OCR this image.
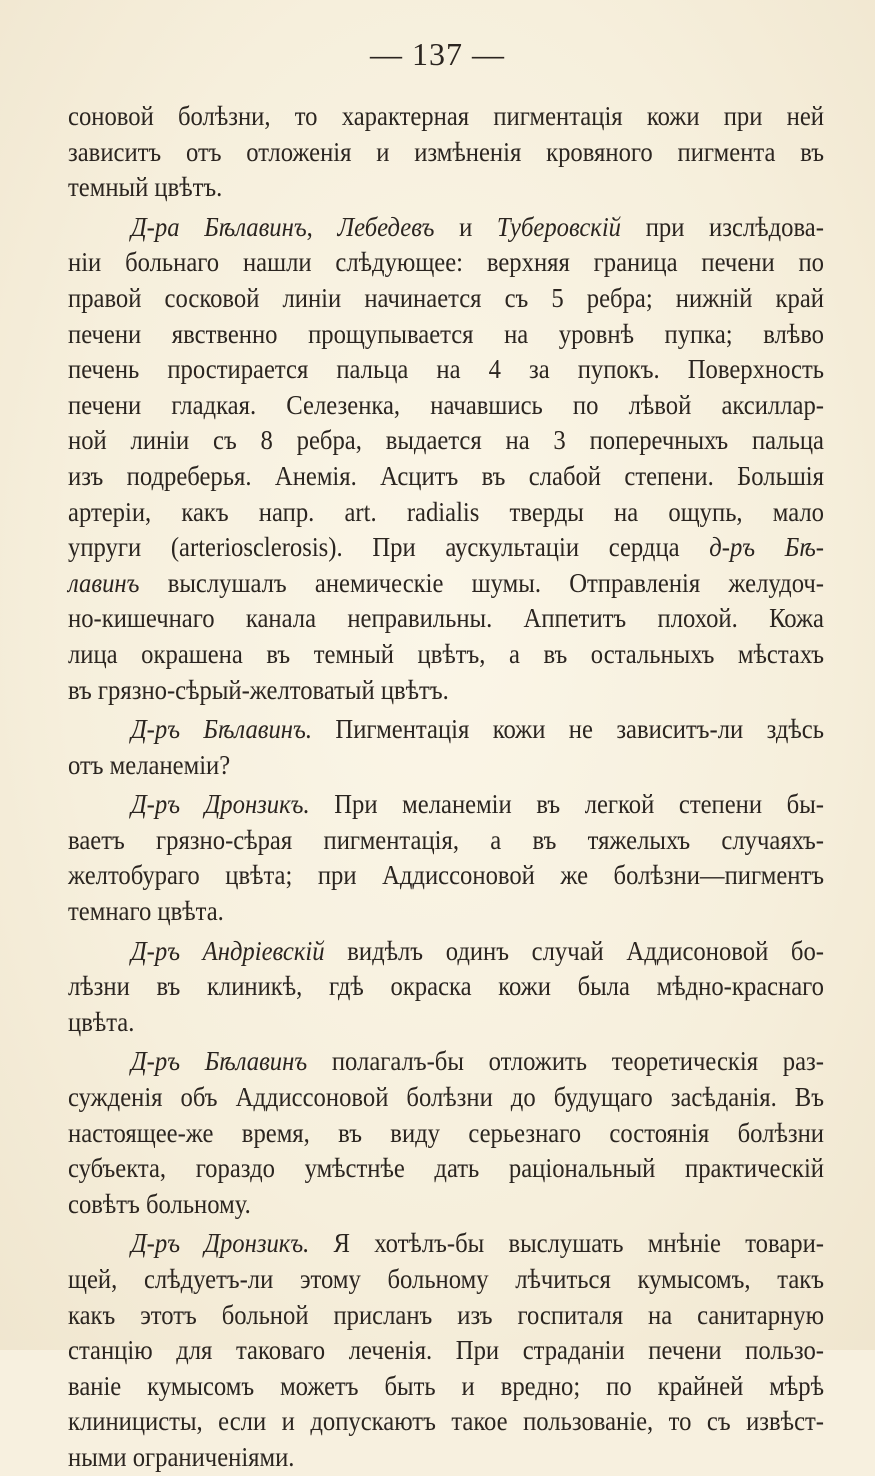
— 137 —
соновой болѣзни, то характерная пигментація кожи при ней
зависитъ отъ отложенія и измѣненія кровяного пигмента въ
темный цвѣтъ.
Д-ра Бѣлавинъ, Лебедевъ и Туберовскій при изслѣдова-
ніи больнаго нашли слѣдующее: верхняя граница печени по
правой сосковой линіи начинается съ 5 ребра; нижній край
печени явственно прощупывается на уровнѣ пупка; влѣво
печень простирается пальца на 4 за пупокъ. Поверхность
печени гладкая. Селезенка, начавшись по лѣвой аксиллар-
ной линіи съ 8 ребра, выдается на 3 поперечныхъ пальца
изъ подреберья. Анемія. Асцитъ въ слабой степени. Большія
артеріи, какъ напр. art. radialis тверды на ощупь, мало
упруги (arteriosclerosis). При аускультаціи сердца д-ръ Бѣ-
лавинъ выслушалъ анемическіе шумы. Отправленія желудоч-
но-кишечнаго канала неправильны. Аппетитъ плохой. Кожа
лица окрашена въ темный цвѣтъ, а въ остальныхъ мѣстахъ
въ грязно-сѣрый-желтоватый цвѣтъ.
Д-ръ Бѣлавинъ. Пигментація кожи не зависитъ-ли здѣсь
отъ меланеміи?
Д-ръ Дронзикъ. При меланеміи въ легкой степени бы-
ваетъ грязно-сѣрая пигментація, а въ тяжелыхъ случаяхъ-
желтобураго цвѣта; при Аддиссоновой же болѣзни—пигментъ
темнаго цвѣта.
Д-ръ Андріевскій видѣлъ одинъ случай Аддисоновой бо-
лѣзни въ клиникѣ, гдѣ окраска кожи была мѣдно-краснаго
цвѣта.
Д-ръ Бѣлавинъ полагалъ-бы отложить теоретическія раз-
сужденія объ Аддиссоновой болѣзни до будущаго засѣданія. Въ
настоящее-же время, въ виду серьезнаго состоянія болѣзни
субъекта, гораздо умѣстнѣе дать раціональный практическій
совѣтъ больному.
Д-ръ Дронзикъ. Я хотѣлъ-бы выслушать мнѣніе товари-
щей, слѣдуетъ-ли этому больному лѣчиться кумысомъ, такъ
какъ этотъ больной присланъ изъ госпиталя на санитарную
станцію для таковаго леченія. При страданіи печени пользо-
ваніе кумысомъ можетъ быть и вредно; по крайней мѣрѣ
клиницисты, если и допускаютъ такое пользованіе, то съ извѣст-
ными ограниченіями.
